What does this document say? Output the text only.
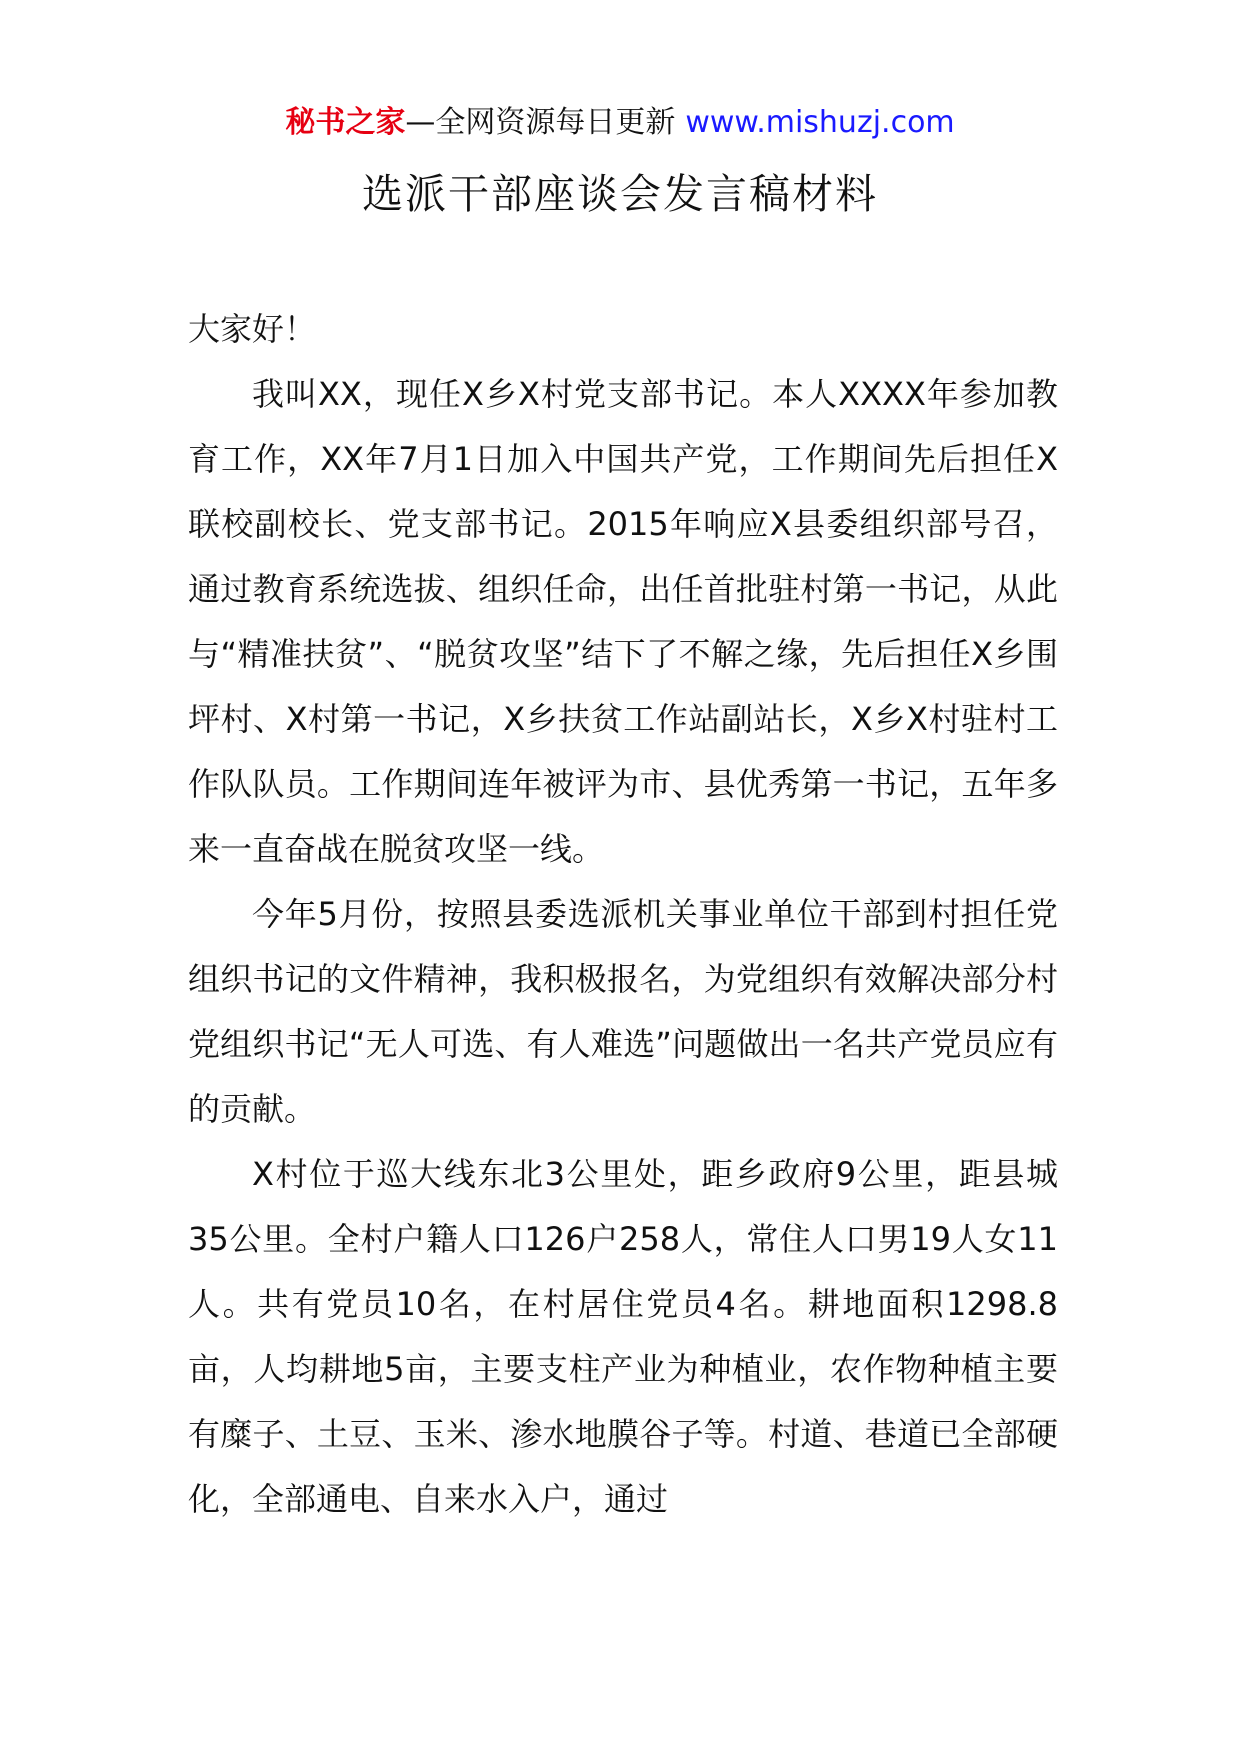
秘书之家—全网资源每日更新 www.mishuzj.com
选派干部座谈会发言稿材料

大家好！

我叫XX，现任X乡X村党支部书记。本人XXXX年参加教育工作，XX年7月1日加入中国共产党，工作期间先后担任X联校副校长、党支部书记。2015年响应X县委组织部号召，通过教育系统选拔、组织任命，出任首批驻村第一书记，从此与“精准扶贫”、“脱贫攻坚”结下了不解之缘，先后担任X乡围坪村、X村第一书记，X乡扶贫工作站副站长，X乡X村驻村工作队队员。工作期间连年被评为市、县优秀第一书记，五年多来一直奋战在脱贫攻坚一线。

今年5月份，按照县委选派机关事业单位干部到村担任党组织书记的文件精神，我积极报名，为党组织有效解决部分村党组织书记“无人可选、有人难选”问题做出一名共产党员应有的贡献。

X村位于巡大线东北3公里处，距乡政府9公里，距县城35公里。全村户籍人口126户258人，常住人口男19人女11人。共有党员10名，在村居住党员4名。耕地面积1298.8亩，人均耕地5亩，主要支柱产业为种植业，农作物种植主要有糜子、土豆、玉米、渗水地膜谷子等。村道、巷道已全部硬化，全部通电、自来水入户，通过
